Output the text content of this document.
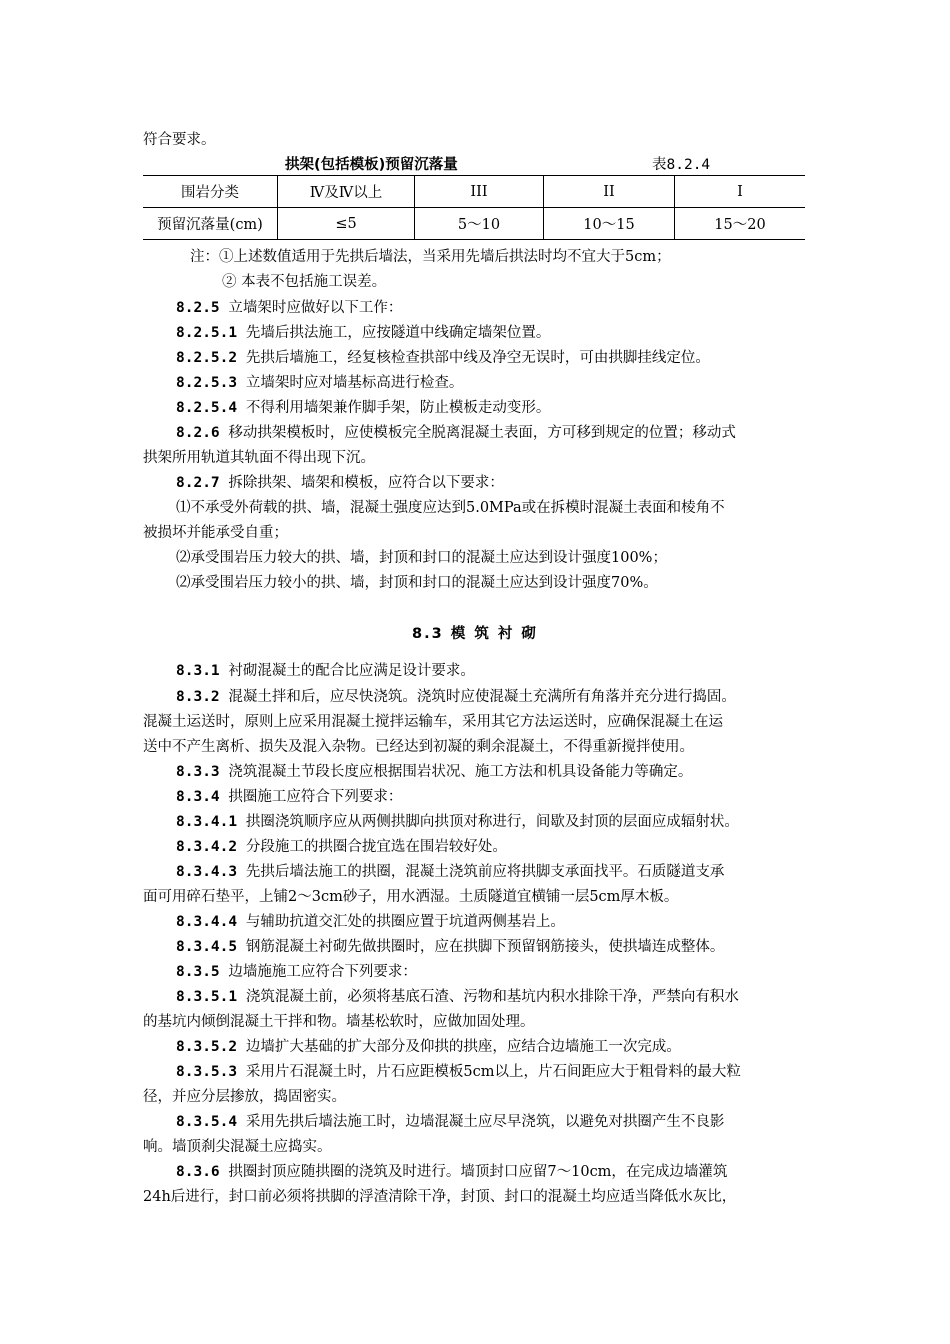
符合要求。
拱架(包括模板)预留沉落量	表8.2.4
围岩分类	Ⅳ及Ⅳ以上	III	II	I
预留沉落量(cm)	≤5	5～10	10～15	15～20
注：①上述数值适用于先拱后墙法，当采用先墙后拱法时均不宜大于5cm；
② 本表不包括施工误差。
8.2.5 立墙架时应做好以下工作：
8.2.5.1 先墙后拱法施工，应按隧道中线确定墙架位置。
8.2.5.2 先拱后墙施工，经复核检查拱部中线及净空无误时，可由拱脚挂线定位。
8.2.5.3 立墙架时应对墙基标高进行检查。
8.2.5.4 不得利用墙架兼作脚手架，防止模板走动变形。
8.2.6 移动拱架模板时，应使模板完全脱离混凝土表面，方可移到规定的位置；移动式
拱架所用轨道其轨面不得出现下沉。
8.2.7 拆除拱架、墙架和模板，应符合以下要求：
⑴不承受外荷载的拱、墙，混凝土强度应达到5.0MPa或在拆模时混凝土表面和棱角不
被损坏并能承受自重；
⑵承受围岩压力较大的拱、墙，封顶和封口的混凝土应达到设计强度100%；
⑵承受围岩压力较小的拱、墙，封顶和封口的混凝土应达到设计强度70%。
8.3 模 筑 衬 砌
8.3.1 衬砌混凝土的配合比应满足设计要求。
8.3.2 混凝土拌和后，应尽快浇筑。浇筑时应使混凝土充满所有角落并充分进行捣固。
混凝土运送时，原则上应采用混凝土搅拌运输车，采用其它方法运送时，应确保混凝土在运
送中不产生离析、损失及混入杂物。已经达到初凝的剩余混凝土，不得重新搅拌使用。
8.3.3 浇筑混凝土节段长度应根据围岩状况、施工方法和机具设备能力等确定。
8.3.4 拱圈施工应符合下列要求：
8.3.4.1 拱圈浇筑顺序应从两侧拱脚向拱顶对称进行，间歇及封顶的层面应成辐射状。
8.3.4.2 分段施工的拱圈合拢宜选在围岩较好处。
8.3.4.3 先拱后墙法施工的拱圈，混凝土浇筑前应将拱脚支承面找平。石质隧道支承
面可用碎石垫平，上铺2～3cm砂子，用水洒湿。土质隧道宜横铺一层5cm厚木板。
8.3.4.4 与辅助抗道交汇处的拱圈应置于坑道两侧基岩上。
8.3.4.5 钢筋混凝土衬砌先做拱圈时，应在拱脚下预留钢筋接头，使拱墙连成整体。
8.3.5 边墙施施工应符合下列要求：
8.3.5.1 浇筑混凝土前，必须将基底石渣、污物和基坑内积水排除干净，严禁向有积水
的基坑内倾倒混凝土干拌和物。墙基松软时，应做加固处理。
8.3.5.2 边墙扩大基础的扩大部分及仰拱的拱座，应结合边墙施工一次完成。
8.3.5.3 采用片石混凝土时，片石应距模板5cm以上，片石间距应大于粗骨料的最大粒
径，并应分层掺放，捣固密实。
8.3.5.4 采用先拱后墙法施工时，边墙混凝土应尽早浇筑，以避免对拱圈产生不良影
响。墙顶刹尖混凝土应捣实。
8.3.6 拱圈封顶应随拱圈的浇筑及时进行。墙顶封口应留7～10cm，在完成边墙灌筑
24h后进行，封口前必须将拱脚的浮渣清除干净，封顶、封口的混凝土均应适当降低水灰比，
